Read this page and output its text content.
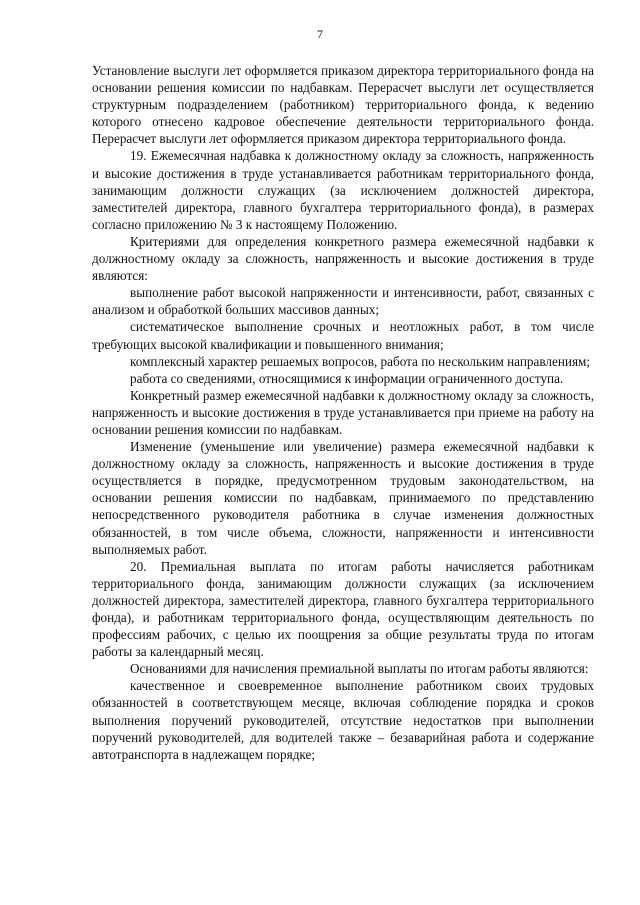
7

Установление выслуги лет оформляется приказом директора территориального фонда на основании решения комиссии по надбавкам. Перерасчет выслуги лет осуществляется структурным подразделением (работником) территориального фонда, к ведению которого отнесено кадровое обеспечение деятельности территориального фонда. Перерасчет выслуги лет оформляется приказом директора территориального фонда.

19. Ежемесячная надбавка к должностному окладу за сложность, напряженность и высокие достижения в труде устанавливается работникам территориального фонда, занимающим должности служащих (за исключением должностей директора, заместителей директора, главного бухгалтера территориального фонда), в размерах согласно приложению № 3 к настоящему Положению.

Критериями для определения конкретного размера ежемесячной надбавки к должностному окладу за сложность, напряженность и высокие достижения в труде являются:

выполнение работ высокой напряженности и интенсивности, работ, связанных с анализом и обработкой больших массивов данных;

систематическое выполнение срочных и неотложных работ, в том числе требующих высокой квалификации и повышенного внимания;

комплексный характер решаемых вопросов, работа по нескольким направлениям;

работа со сведениями, относящимися к информации ограниченного доступа.

Конкретный размер ежемесячной надбавки к должностному окладу за сложность, напряженность и высокие достижения в труде устанавливается при приеме на работу на основании решения комиссии по надбавкам.

Изменение (уменьшение или увеличение) размера ежемесячной надбавки к должностному окладу за сложность, напряженность и высокие достижения в труде осуществляется в порядке, предусмотренном трудовым законодательством, на основании решения комиссии по надбавкам, принимаемого по представлению непосредственного руководителя работника в случае изменения должностных обязанностей, в том числе объема, сложности, напряженности и интенсивности выполняемых работ.

20. Премиальная выплата по итогам работы начисляется работникам территориального фонда, занимающим должности служащих (за исключением должностей директора, заместителей директора, главного бухгалтера территориального фонда), и работникам территориального фонда, осуществляющим деятельность по профессиям рабочих, с целью их поощрения за общие результаты труда по итогам работы за календарный месяц.

Основаниями для начисления премиальной выплаты по итогам работы являются:

качественное и своевременное выполнение работником своих трудовых обязанностей в соответствующем месяце, включая соблюдение порядка и сроков выполнения поручений руководителей, отсутствие недостатков при выполнении поручений руководителей, для водителей также – безаварийная работа и содержание автотранспорта в надлежащем порядке;
